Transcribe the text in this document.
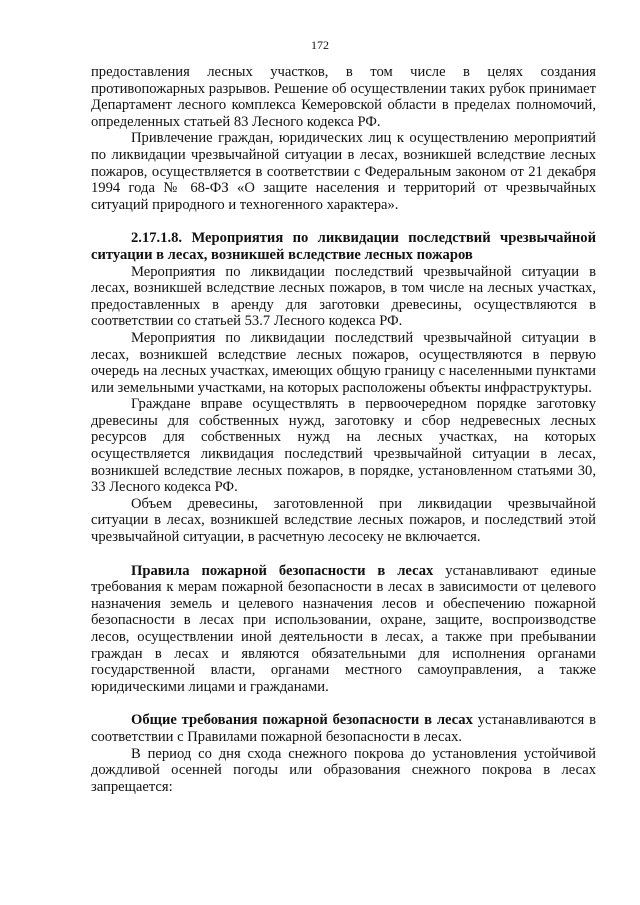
172

предоставления лесных участков, в том числе в целях создания противопожарных разрывов. Решение об осуществлении таких рубок принимает Департамент лесного комплекса Кемеровской области в пределах полномочий, определенных статьей 83 Лесного кодекса РФ.

Привлечение граждан, юридических лиц к осуществлению мероприятий по ликвидации чрезвычайной ситуации в лесах, возникшей вследствие лесных пожаров, осуществляется в соответствии с Федеральным законом от 21 декабря 1994 года № 68-ФЗ «О защите населения и территорий от чрезвычайных ситуаций природного и техногенного характера».

2.17.1.8. Мероприятия по ликвидации последствий чрезвычайной ситуации в лесах, возникшей вследствие лесных пожаров

Мероприятия по ликвидации последствий чрезвычайной ситуации в лесах, возникшей вследствие лесных пожаров, в том числе на лесных участках, предоставленных в аренду для заготовки древесины, осуществляются в соответствии со статьей 53.7 Лесного кодекса РФ.

Мероприятия по ликвидации последствий чрезвычайной ситуации в лесах, возникшей вследствие лесных пожаров, осуществляются в первую очередь на лесных участках, имеющих общую границу с населенными пунктами или земельными участками, на которых расположены объекты инфраструктуры.

Граждане вправе осуществлять в первоочередном порядке заготовку древесины для собственных нужд, заготовку и сбор недревесных лесных ресурсов для собственных нужд на лесных участках, на которых осуществляется ликвидация последствий чрезвычайной ситуации в лесах, возникшей вследствие лесных пожаров, в порядке, установленном статьями 30, 33 Лесного кодекса РФ.

Объем древесины, заготовленной при ликвидации чрезвычайной ситуации в лесах, возникшей вследствие лесных пожаров, и последствий этой чрезвычайной ситуации, в расчетную лесосеку не включается.

Правила пожарной безопасности в лесах устанавливают единые требования к мерам пожарной безопасности в лесах в зависимости от целевого назначения земель и целевого назначения лесов и обеспечению пожарной безопасности в лесах при использовании, охране, защите, воспроизводстве лесов, осуществлении иной деятельности в лесах, а также при пребывании граждан в лесах и являются обязательными для исполнения органами государственной власти, органами местного самоуправления, а также юридическими лицами и гражданами.

Общие требования пожарной безопасности в лесах устанавливаются в соответствии с Правилами пожарной безопасности в лесах.

В период со дня схода снежного покрова до установления устойчивой дождливой осенней погоды или образования снежного покрова в лесах запрещается:
